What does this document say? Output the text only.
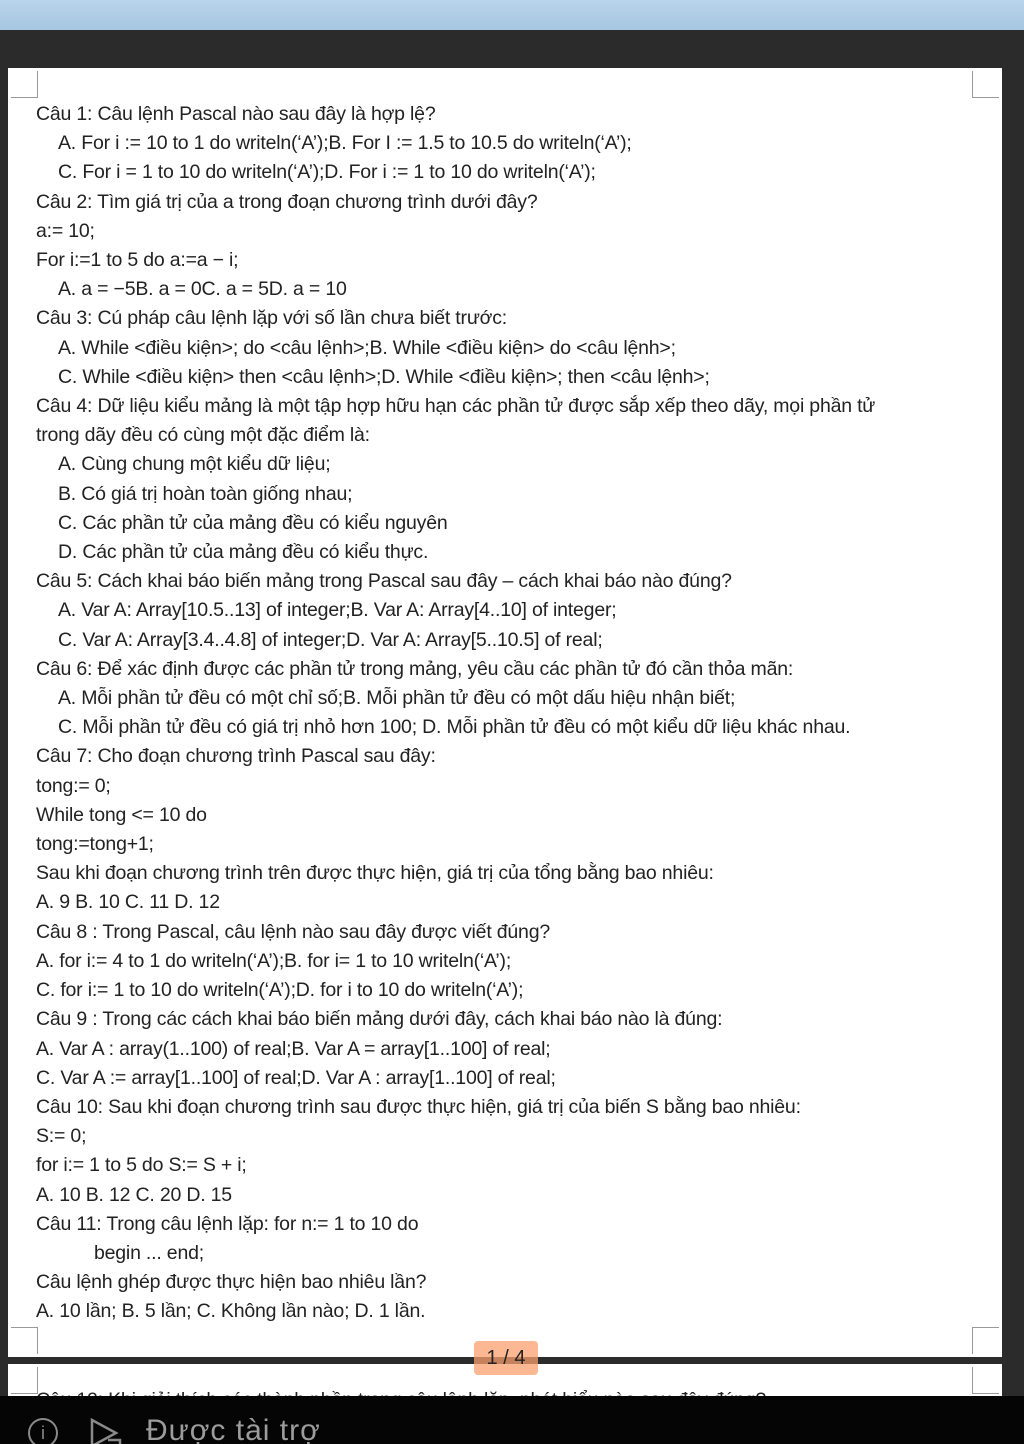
Câu 1: Câu lệnh Pascal nào sau đây là hợp lệ?
A. For i := 10 to 1 do writeln(‘A’);B. For I := 1.5 to 10.5 do writeln(‘A’);
C. For i = 1 to 10 do writeln(‘A’);D. For i := 1 to 10 do writeln(‘A’);
Câu 2: Tìm giá trị của a trong đoạn chương trình dưới đây?
a:= 10;
For i:=1 to 5 do a:=a − i;
A. a = −5B. a = 0C. a = 5D. a = 10
Câu 3: Cú pháp câu lệnh lặp với số lần chưa biết trước:
A. While <điều kiện>; do <câu lệnh>;B. While <điều kiện> do <câu lệnh>;
C. While <điều kiện> then <câu lệnh>;D. While <điều kiện>; then <câu lệnh>;
Câu 4: Dữ liệu kiểu mảng là một tập hợp hữu hạn các phần tử được sắp xếp theo dãy, mọi phần tử
trong dãy đều có cùng một đặc điểm là:
A. Cùng chung một kiểu dữ liệu;
B. Có giá trị hoàn toàn giống nhau;
C. Các phần tử của mảng đều có kiểu nguyên
D. Các phần tử của mảng đều có kiểu thực.
Câu 5: Cách khai báo biến mảng trong Pascal sau đây – cách khai báo nào đúng?
A. Var A: Array[10.5..13] of integer;B. Var A: Array[4..10] of integer;
C. Var A: Array[3.4..4.8] of integer;D. Var A: Array[5..10.5] of real;
Câu 6: Để xác định được các phần tử trong mảng, yêu cầu các phần tử đó cần thỏa mãn:
A. Mỗi phần tử đều có một chỉ số;B. Mỗi phần tử đều có một dấu hiệu nhận biết;
C. Mỗi phần tử đều có giá trị nhỏ hơn 100; D. Mỗi phần tử đều có một kiểu dữ liệu khác nhau.
Câu 7: Cho đoạn chương trình Pascal sau đây:
tong:= 0;
While tong <= 10 do
tong:=tong+1;
Sau khi đoạn chương trình trên được thực hiện, giá trị của tổng bằng bao nhiêu:
A. 9 B. 10 C. 11 D. 12
Câu 8 : Trong Pascal, câu lệnh nào sau đây được viết đúng?
A. for i:= 4 to 1 do writeln(‘A’);B. for i= 1 to 10 writeln(‘A’);
C. for i:= 1 to 10 do writeln(‘A’);D. for i to 10 do writeln(‘A’);
Câu 9 : Trong các cách khai báo biến mảng dưới đây, cách khai báo nào là đúng:
A. Var A : array(1..100) of real;B. Var A = array[1..100] of real;
C. Var A := array[1..100] of real;D. Var A : array[1..100] of real;
Câu 10: Sau khi đoạn chương trình sau được thực hiện, giá trị của biến S bằng bao nhiêu:
S:= 0;
for i:= 1 to 5 do S:= S + i;
A. 10 B. 12 C. 20 D. 15
Câu 11: Trong câu lệnh lặp: for n:= 1 to 10 do
begin ... end;
Câu lệnh ghép được thực hiện bao nhiêu lần?
A. 10 lần; B. 5 lần; C. Không lần nào; D. 1 lần.
1 / 4
i	Được tài trợ
